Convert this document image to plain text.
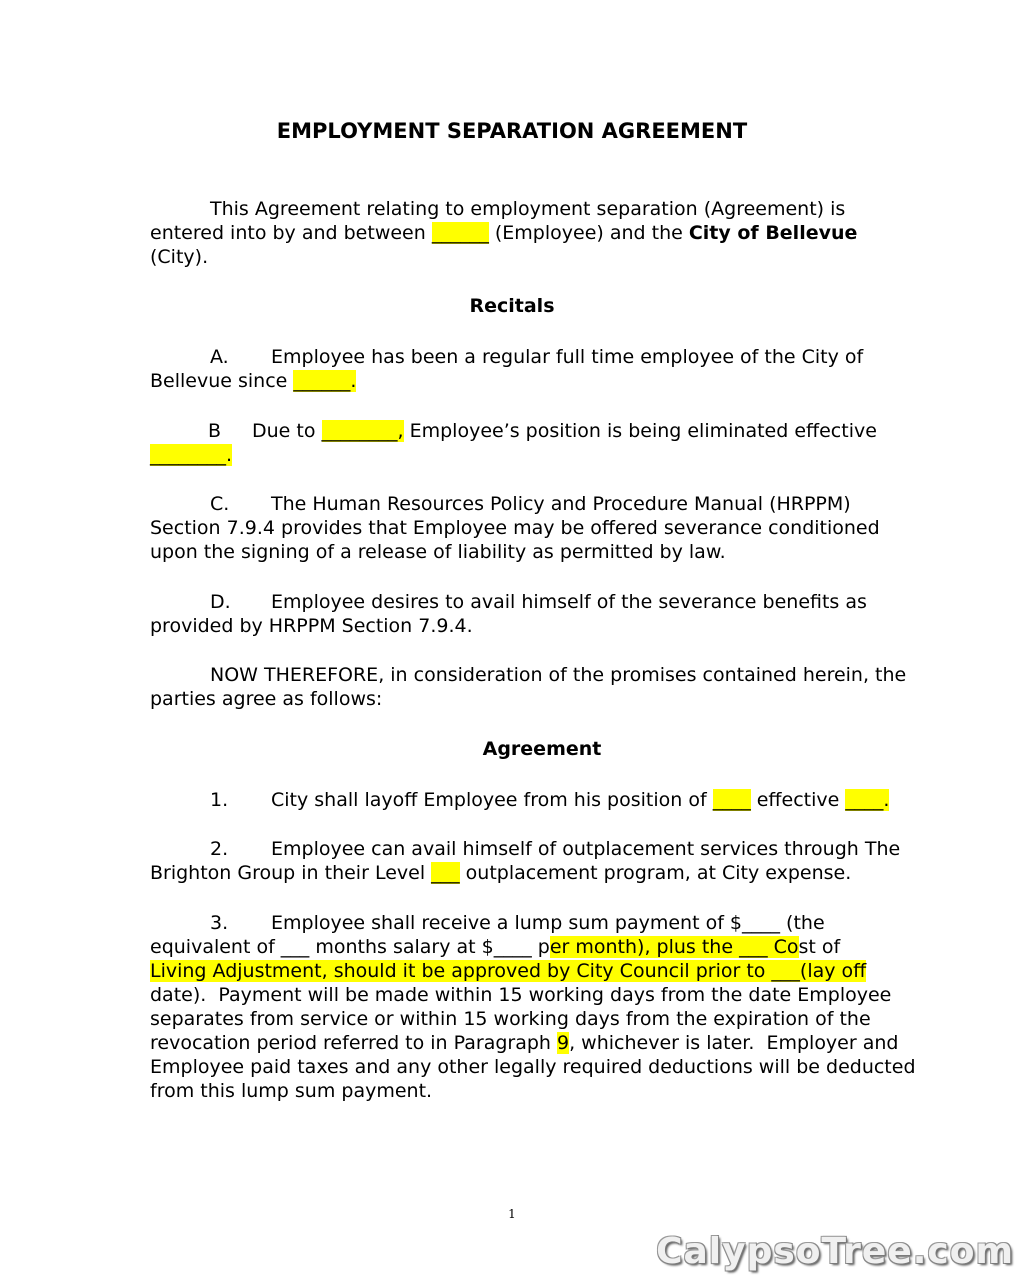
EMPLOYMENT SEPARATION AGREEMENT
This Agreement relating to employment separation (Agreement) is
entered into by and between ______ (Employee) and the City of Bellevue
(City).
Recitals
A. Employee has been a regular full time employee of the City of
Bellevue since ______.
B Due to ________, Employee’s position is being eliminated effective
________.
C. The Human Resources Policy and Procedure Manual (HRPPM)
Section 7.9.4 provides that Employee may be offered severance conditioned
upon the signing of a release of liability as permitted by law.
D. Employee desires to avail himself of the severance benefits as
provided by HRPPM Section 7.9.4.
NOW THEREFORE, in consideration of the promises contained herein, the
parties agree as follows:
Agreement
1. City shall layoff Employee from his position of ____ effective ____.
2. Employee can avail himself of outplacement services through The
Brighton Group in their Level ___ outplacement program, at City expense.
3. Employee shall receive a lump sum payment of $____ (the
equivalent of ___ months salary at $____ per month), plus the ___ Cost of
Living Adjustment, should it be approved by City Council prior to ___(lay off
date).  Payment will be made within 15 working days from the date Employee
separates from service or within 15 working days from the expiration of the
revocation period referred to in Paragraph 9, whichever is later.  Employer and
Employee paid taxes and any other legally required deductions will be deducted
from this lump sum payment.
1
CalypsoTree.com
